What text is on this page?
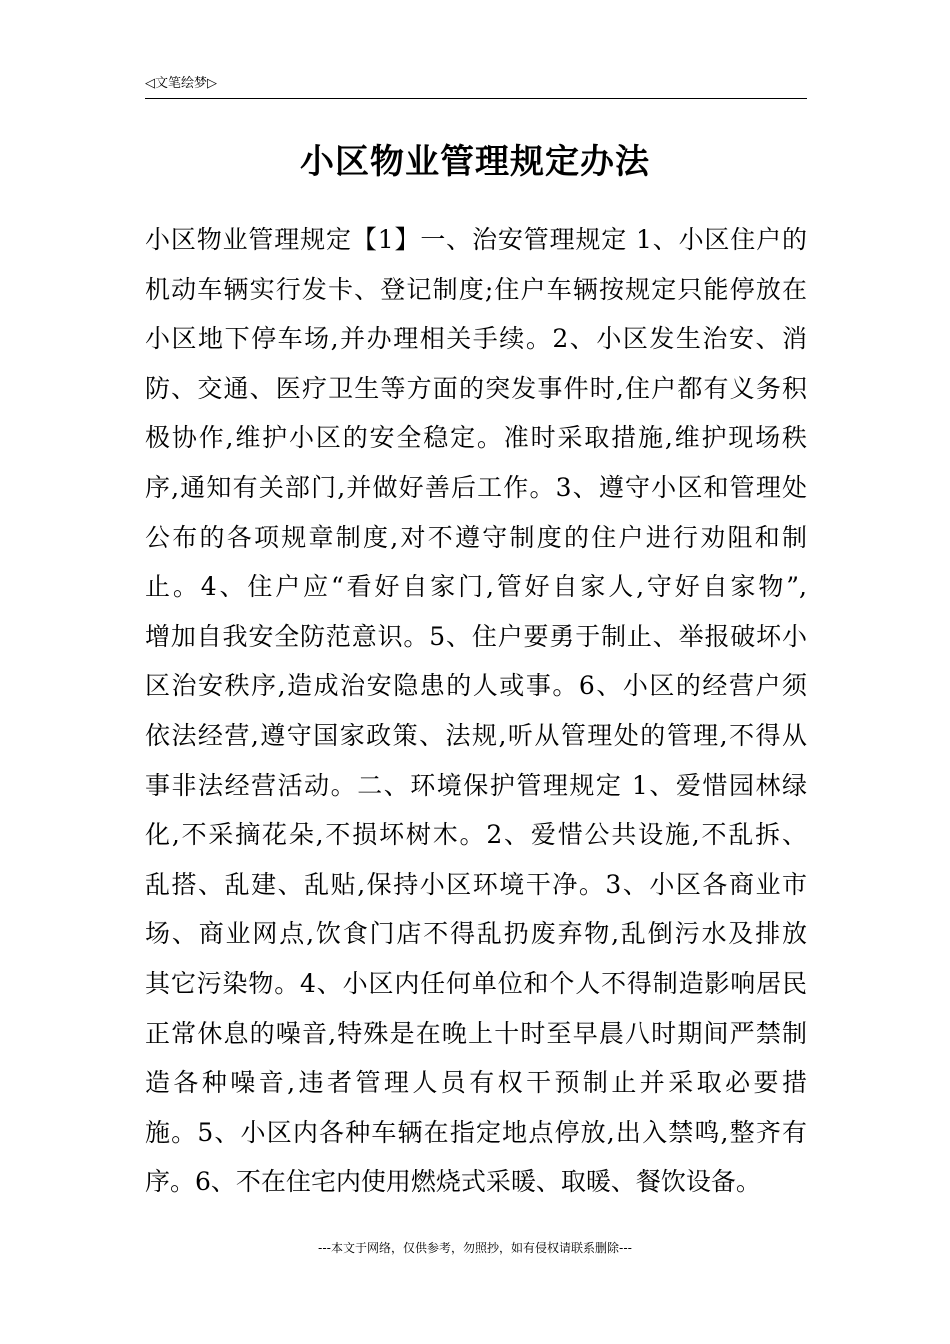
◁文笔绘梦▷
小区物业管理规定办法
小区物业管理规定【1】一、治安管理规定 1、小区住户的
机动车辆实行发卡、登记制度;住户车辆按规定只能停放在
小区地下停车场,并办理相关手续。2、小区发生治安、消
防、交通、医疗卫生等方面的突发事件时,住户都有义务积
极协作,维护小区的安全稳定。准时采取措施,维护现场秩
序,通知有关部门,并做好善后工作。3、遵守小区和管理处
公布的各项规章制度,对不遵守制度的住户进行劝阻和制
止。4、住户应“看好自家门,管好自家人,守好自家物”,
增加自我安全防范意识。5、住户要勇于制止、举报破坏小
区治安秩序,造成治安隐患的人或事。6、小区的经营户须
依法经营,遵守国家政策、法规,听从管理处的管理,不得从
事非法经营活动。二、环境保护管理规定 1、爱惜园林绿
化,不采摘花朵,不损坏树木。2、爱惜公共设施,不乱拆、
乱搭、乱建、乱贴,保持小区环境干净。3、小区各商业市
场、商业网点,饮食门店不得乱扔废弃物,乱倒污水及排放
其它污染物。4、小区内任何单位和个人不得制造影响居民
正常休息的噪音,特殊是在晚上十时至早晨八时期间严禁制
造各种噪音,违者管理人员有权干预制止并采取必要措
施。5、小区内各种车辆在指定地点停放,出入禁鸣,整齐有
序。6、不在住宅内使用燃烧式采暖、取暖、餐饮设备。
---本文于网络，仅供参考，勿照抄，如有侵权请联系删除---
